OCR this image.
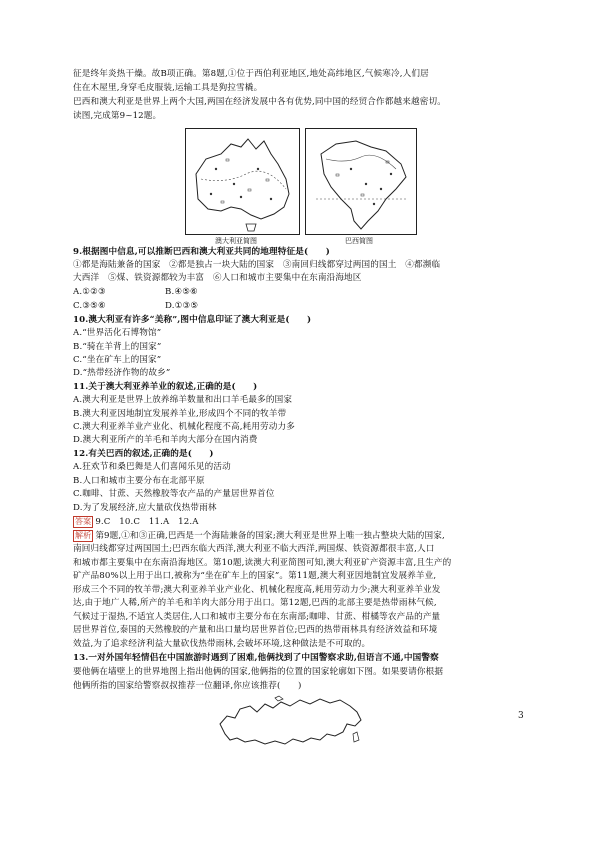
征是终年炎热干燥。故B项正确。第8题,①位于西伯利亚地区,地处高纬地区,气候寒冷,人们居
住在木屋里,身穿毛皮服装,运输工具是狗拉雪橇。
巴西和澳大利亚是世界上两个大国,两国在经济发展中各有优势,同中国的经贸合作都越来越密切。
读图,完成第9~12题。
澳大利亚简图	巴西简图
9.根据图中信息,可以推断巴西和澳大利亚共同的地理特征是(　　)
①都是海陆兼备的国家　②都是独占一块大陆的国家　③南回归线都穿过两国的国土　④都濒临
大西洋　⑤煤、铁资源都较为丰富　⑥人口和城市主要集中在东南沿海地区
A.①②③	B.④⑤⑥
C.③⑤⑥	D.①③⑤
10.澳大利亚有许多“美称”,图中信息印证了澳大利亚是(　　)
A.“世界活化石博物馆”
B.“骑在羊背上的国家”
C.“坐在矿车上的国家”
D.“热带经济作物的故乡”
11.关于澳大利亚养羊业的叙述,正确的是(　　)
A.澳大利亚是世界上放养绵羊数量和出口羊毛最多的国家
B.澳大利亚因地制宜发展养羊业,形成四个不同的牧羊带
C.澳大利亚养羊业产业化、机械化程度不高,耗用劳动力多
D.澳大利亚所产的羊毛和羊肉大部分在国内消费
12.有关巴西的叙述,正确的是(　　)
A.狂欢节和桑巴舞是人们喜闻乐见的活动
B.人口和城市主要分布在北部平原
C.咖啡、甘蔗、天然橡胶等农产品的产量居世界首位
D.为了发展经济,应大量砍伐热带雨林
答案 9.C　10.C　11.A　12.A
解析 第9题,①和③正确,巴西是一个海陆兼备的国家;澳大利亚是世界上唯一独占整块大陆的国家,
南回归线都穿过两国国土;巴西东临大西洋,澳大利亚不临大西洋,两国煤、铁资源都很丰富,人口
和城市都主要集中在东南沿海地区。第10题,读澳大利亚简图可知,澳大利亚矿产资源丰富,且生产的
矿产品80%以上用于出口,被称为“坐在矿车上的国家”。第11题,澳大利亚因地制宜发展养羊业,
形成三个不同的牧羊带;澳大利亚养羊业产业化、机械化程度高,耗用劳动力少;澳大利亚养羊业发
达,由于地广人稀,所产的羊毛和羊肉大部分用于出口。第12题,巴西的北部主要是热带雨林气候,
气候过于湿热,不适宜人类居住,人口和城市主要分布在东南部;咖啡、甘蔗、柑橘等农产品的产量
居世界首位,泰国的天然橡胶的产量和出口量均居世界首位;巴西的热带雨林具有经济效益和环境
效益,为了追求经济利益大量砍伐热带雨林,会破坏环境,这种做法是不可取的。
13.一对外国年轻情侣在中国旅游时遇到了困难,他俩找到了中国警察求助,但语言不通,中国警察
要他俩在墙壁上的世界地图上指出他俩的国家,他俩指的位置的国家轮廓如下图。如果要请你根据
他俩所指的国家给警察叔叔推荐一位翻译,你应该推荐(　　)
3
